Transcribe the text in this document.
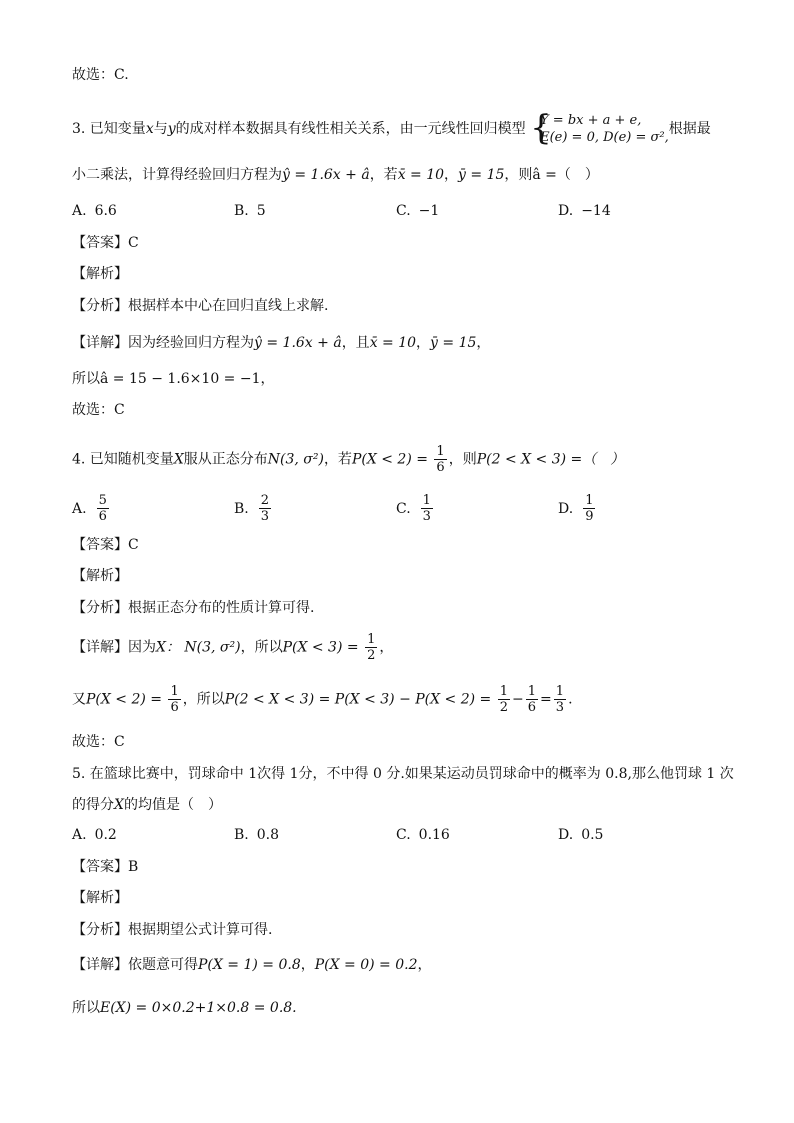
故选：C.
3. 已知变量x与y的成对样本数据具有线性相关关系，由一元线性回归模型 {
Y = bx + a + e,
E(e) = 0, D(e) = σ²,
根据最
小二乘法，计算得经验回归方程为ŷ = 1.6x + â，若x̄ = 10，ȳ = 15，则â =（　）
A. 6.6	B. 5	C. −1	D. −14
【答案】C
【解析】
【分析】根据样本中心在回归直线上求解.
【详解】因为经验回归方程为ŷ = 1.6x + â，且x̄ = 10，ȳ = 15，
所以â = 15 − 1.6×10 = −1，
故选：C
4. 已知随机变量X服从正态分布N(3, σ²)，若$P(X < 2) = \frac{1}{6}$ ，则P(2 < X < 3) =（　）
A. $\frac{5}{6}$	B. $\frac{2}{3}$	C. $\frac{1}{3}$	D. $\frac{1}{9}$
【答案】C
【解析】
【分析】根据正态分布的性质计算可得.
【详解】因为X： N(3, σ²)，所以$P(X < 3) = \frac{1}{2}$ ，
又$P(X < 2) = \frac{1}{6}$ ，所以$P(2 < X < 3) = P(X < 3) - P(X < 2) = \frac{1}{2} - \frac{1}{6} = \frac{1}{3}$ .
故选：C
5. 在篮球比赛中，罚球命中 1次得 1分，不中得 0 分.如果某运动员罚球命中的概率为 0.8,那么他罚球 1 次
的得分X的均值是（　）
A. 0.2	B. 0.8	C. 0.16	D. 0.5
【答案】B
【解析】
【分析】根据期望公式计算可得.
【详解】依题意可得P(X = 1) = 0.8，P(X = 0) = 0.2，
所以E(X) = 0×0.2+1×0.8 = 0.8.
